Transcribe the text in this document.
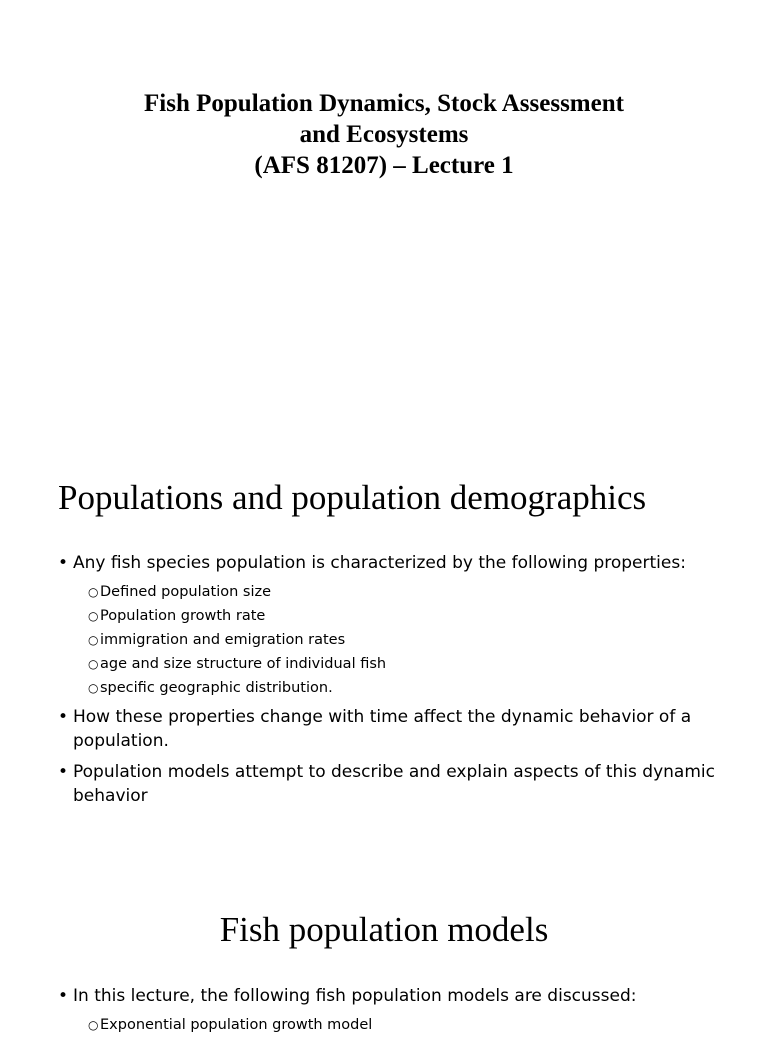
Fish Population Dynamics, Stock Assessment
and Ecosystems
(AFS 81207) – Lecture 1
Populations and population demographics
• Any fish species population is characterized by the following properties:
○ Defined population size
○ Population growth rate
○ immigration and emigration rates
○ age and size structure of individual fish
○ specific geographic distribution.
• How these properties change with time affect the dynamic behavior of a population.
• Population models attempt to describe and explain aspects of this dynamic behavior
Fish population models
• In this lecture, the following fish population models are discussed:
○ Exponential population growth model
